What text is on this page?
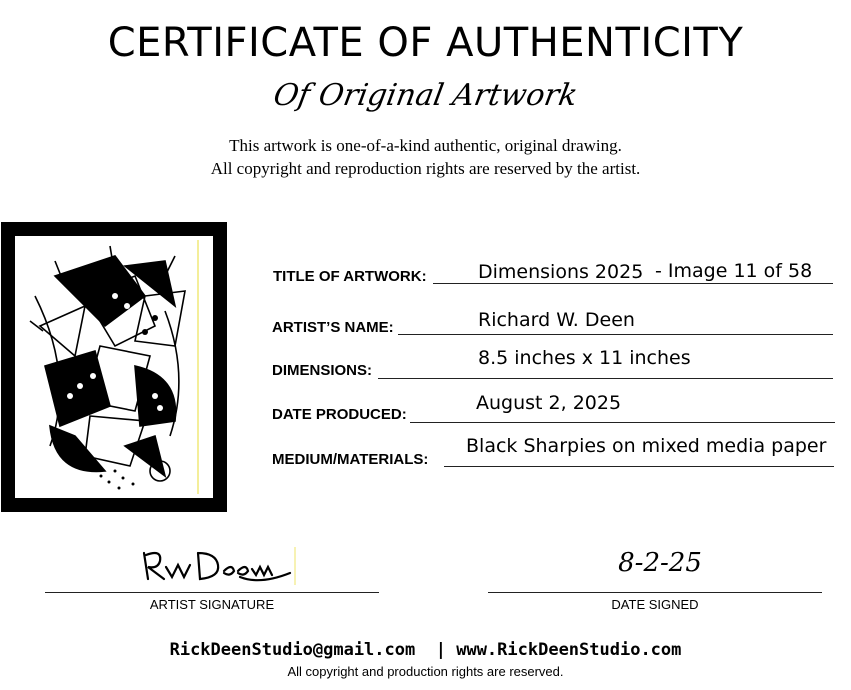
CERTIFICATE OF AUTHENTICITY
Of Original Artwork
This artwork is one-of-a-kind authentic, original drawing.
All copyright and reproduction rights are reserved by the artist.
TITLE OF ARTWORK:	Dimensions 2025 - Image 11 of 58
ARTIST’S NAME:	Richard W. Deen
DIMENSIONS:
8.5 inches x 11 inches
DATE PRODUCED:
August 2, 2025
MEDIUM/MATERIALS:
Black Sharpies on mixed media paper
ARTIST SIGNATURE
8-2-25
DATE SIGNED
RickDeenStudio@gmail.com | www.RickDeenStudio.com
All copyright and production rights are reserved.
